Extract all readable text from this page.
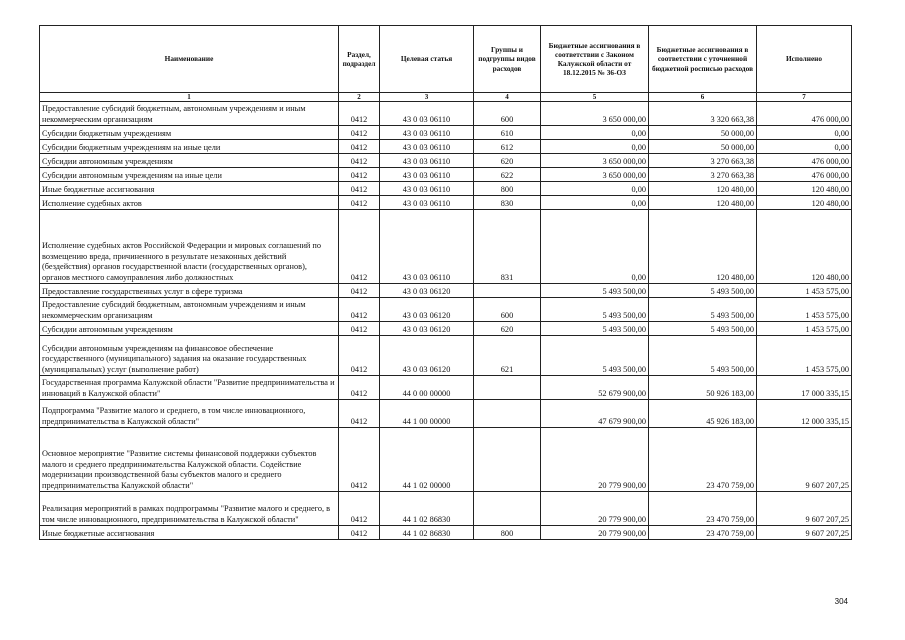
Наименование	Раздел, подраздел	Целевая статья	Группы и подгруппы видов расходов	Бюджетные ассигнования в соответствии с Законом Калужской области от 18.12.2015 № 36-ОЗ	Бюджетные ассигнования в соответствии с уточненной бюджетной росписью расходов	Исполнено
1	2	3	4	5	6	7
Предоставление субсидий бюджетным, автономным учреждениям и иным некоммерческим организациям	0412	43 0 03 06110	600	3 650 000,00	3 320 663,38	476 000,00
Субсидии бюджетным учреждениям	0412	43 0 03 06110	610	0,00	50 000,00	0,00
Субсидии бюджетным учреждениям на иные цели	0412	43 0 03 06110	612	0,00	50 000,00	0,00
Субсидии автономным учреждениям	0412	43 0 03 06110	620	3 650 000,00	3 270 663,38	476 000,00
Субсидии автономным учреждениям на иные цели	0412	43 0 03 06110	622	3 650 000,00	3 270 663,38	476 000,00
Иные бюджетные ассигнования	0412	43 0 03 06110	800	0,00	120 480,00	120 480,00
Исполнение судебных актов	0412	43 0 03 06110	830	0,00	120 480,00	120 480,00
Исполнение судебных актов Российской Федерации и мировых соглашений по возмещению вреда, причиненного в результате незаконных действий (бездействия) органов государственной власти (государственных органов), органов местного самоуправления либо должностных	0412	43 0 03 06110	831	0,00	120 480,00	120 480,00
Предоставление государственных услуг в сфере туризма	0412	43 0 03 06120		5 493 500,00	5 493 500,00	1 453 575,00
Предоставление субсидий бюджетным, автономным учреждениям и иным некоммерческим организациям	0412	43 0 03 06120	600	5 493 500,00	5 493 500,00	1 453 575,00
Субсидии автономным учреждениям	0412	43 0 03 06120	620	5 493 500,00	5 493 500,00	1 453 575,00
Субсидии автономным учреждениям на финансовое обеспечение государственного (муниципального) задания на оказание государственных (муниципальных) услуг (выполнение работ)	0412	43 0 03 06120	621	5 493 500,00	5 493 500,00	1 453 575,00
Государственная программа Калужской области "Развитие предпринимательства и инноваций в Калужской области"	0412	44 0 00 00000		52 679 900,00	50 926 183,00	17 000 335,15
Подпрограмма "Развитие малого и среднего, в том числе инновационного, предпринимательства в Калужской области"	0412	44 1 00 00000		47 679 900,00	45 926 183,00	12 000 335,15
Основное мероприятие "Развитие системы финансовой поддержки субъектов малого и среднего предпринимательства Калужской области. Содействие модернизации производственной базы субъектов малого и среднего предпринимательства Калужской области"	0412	44 1 02 00000		20 779 900,00	23 470 759,00	9 607 207,25
Реализация мероприятий в рамках подпрограммы "Развитие малого и среднего, в том числе инновационного, предпринимательства в Калужской области"	0412	44 1 02 86830		20 779 900,00	23 470 759,00	9 607 207,25
Иные бюджетные ассигнования	0412	44 1 02 86830	800	20 779 900,00	23 470 759,00	9 607 207,25
304
